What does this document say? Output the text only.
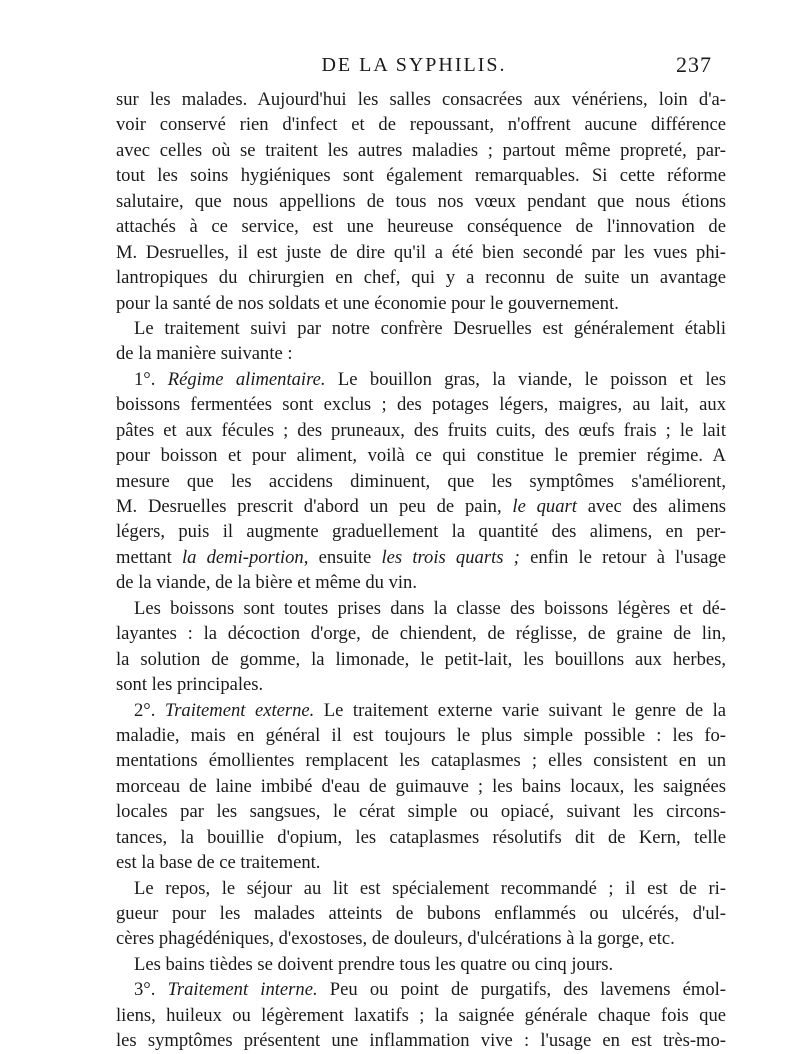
DE LA SYPHILIS.	237
sur les malades. Aujourd'hui les salles consacrées aux vénériens, loin d'a-
voir conservé rien d'infect et de repoussant, n'offrent aucune différence
avec celles où se traitent les autres maladies ; partout même propreté, par-
tout les soins hygiéniques sont également remarquables. Si cette réforme
salutaire, que nous appellions de tous nos vœux pendant que nous étions
attachés à ce service, est une heureuse conséquence de l'innovation de
M. Desruelles, il est juste de dire qu'il a été bien secondé par les vues phi-
lantropiques du chirurgien en chef, qui y a reconnu de suite un avantage
pour la santé de nos soldats et une économie pour le gouvernement.
Le traitement suivi par notre confrère Desruelles est généralement établi
de la manière suivante :
1°. Régime alimentaire. Le bouillon gras, la viande, le poisson et les
boissons fermentées sont exclus ; des potages légers, maigres, au lait, aux
pâtes et aux fécules ; des pruneaux, des fruits cuits, des œufs frais ; le lait
pour boisson et pour aliment, voilà ce qui constitue le premier régime. A
mesure que les accidens diminuent, que les symptômes s'améliorent,
M. Desruelles prescrit d'abord un peu de pain, le quart avec des alimens
légers, puis il augmente graduellement la quantité des alimens, en per-
mettant la demi-portion, ensuite les trois quarts ; enfin le retour à l'usage
de la viande, de la bière et même du vin.
Les boissons sont toutes prises dans la classe des boissons légères et dé-
layantes : la décoction d'orge, de chiendent, de réglisse, de graine de lin,
la solution de gomme, la limonade, le petit-lait, les bouillons aux herbes,
sont les principales.
2°. Traitement externe. Le traitement externe varie suivant le genre de la
maladie, mais en général il est toujours le plus simple possible : les fo-
mentations émollientes remplacent les cataplasmes ; elles consistent en un
morceau de laine imbibé d'eau de guimauve ; les bains locaux, les saignées
locales par les sangsues, le cérat simple ou opiacé, suivant les circons-
tances, la bouillie d'opium, les cataplasmes résolutifs dit de Kern, telle
est la base de ce traitement.
Le repos, le séjour au lit est spécialement recommandé ; il est de ri-
gueur pour les malades atteints de bubons enflammés ou ulcérés, d'ul-
cères phagédéniques, d'exostoses, de douleurs, d'ulcérations à la gorge, etc.
Les bains tièdes se doivent prendre tous les quatre ou cinq jours.
3°. Traitement interne. Peu ou point de purgatifs, des lavemens émol-
liens, huileux ou légèrement laxatifs ; la saignée générale chaque fois que
les symptômes présentent une inflammation vive : l'usage en est très-mo-
